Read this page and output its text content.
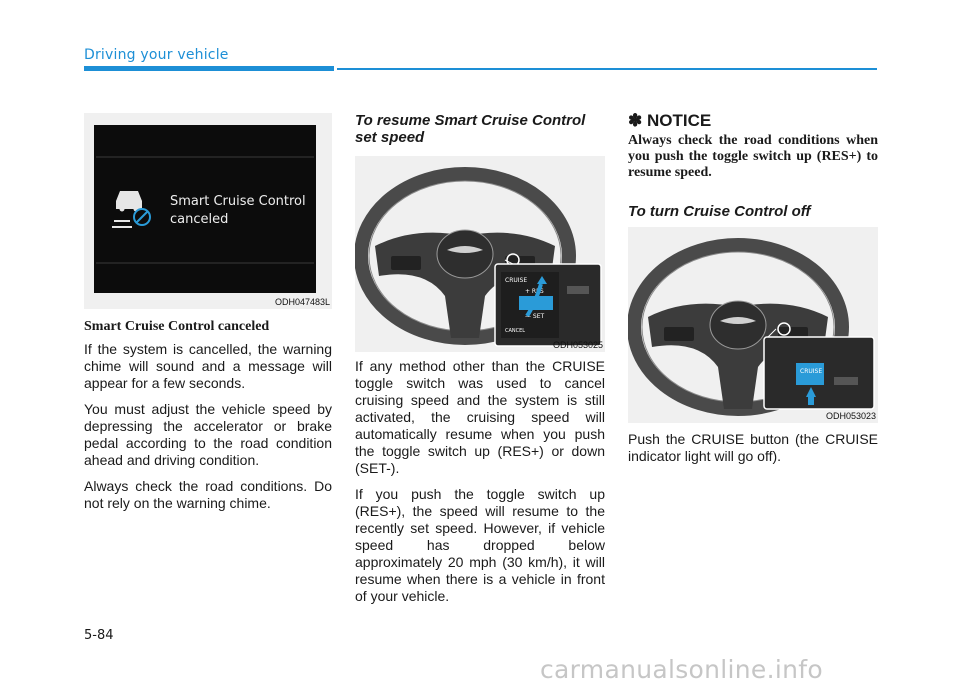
Driving your vehicle
Smart Cruise Control
canceled
ODH047483L
Smart Cruise Control canceled

If the system is cancelled, the warning chime will sound and a message will appear for a few seconds.

You must adjust the vehicle speed by depressing the accelerator or brake pedal according to the road condition ahead and driving condition.

Always check the road conditions. Do not rely on the warning chime.

To resume Smart Cruise Control set speed
CRUISE
+ RES
— SET
CANCEL
ODH053025

If any method other than the CRUISE toggle switch was used to cancel cruising speed and the system is still activated, the cruising speed will automatically resume when you push the toggle switch up (RES+) or down (SET-).

If you push the toggle switch up (RES+), the speed will resume to the recently set speed. However, if vehicle speed has dropped below approximately 20 mph (30 km/h), it will resume when there is a vehicle in front of your vehicle.

✽ NOTICE
Always check the road conditions when you push the toggle switch up (RES+) to resume speed.
To turn Cruise Control off
CRUISE
ODH053023

Push the CRUISE button (the CRUISE indicator light will go off).

5-84
carmanualsonline.info
